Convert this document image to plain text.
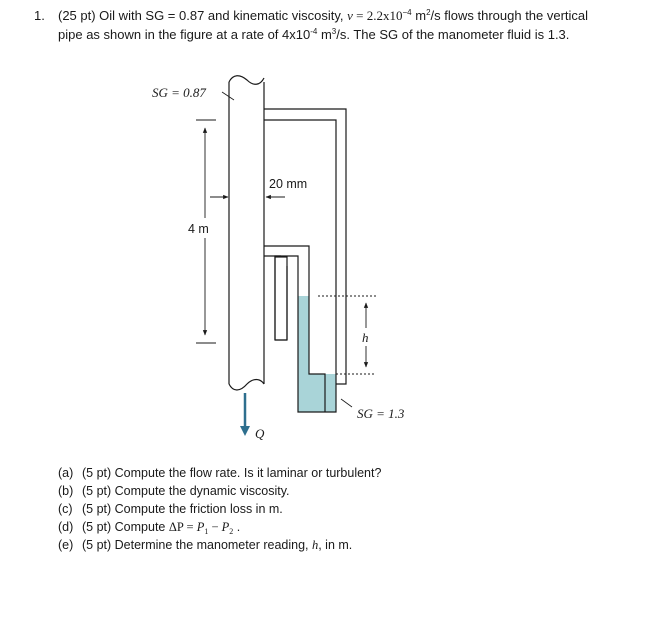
1. (25 pt) Oil with SG = 0.87 and kinematic viscosity, $\nu = 2.2x10^{-4}$ $m^2/s$ flows through the vertical
pipe as shown in the figure at a rate of $4x10^{-4}$ $m^3/s$. The SG of the manometer fluid is 1.3.
SG = 0.87
4 m
20 mm
h
SG = 1.3
Q
(a) (5 pt) Compute the flow rate. Is it laminar or turbulent?
(b) (5 pt) Compute the dynamic viscosity.
(c) (5 pt) Compute the friction loss in m.
(d) (5 pt) Compute $\Delta P = P_1 - P_2$ .
(e) (5 pt) Determine the manometer reading, h, in m.
